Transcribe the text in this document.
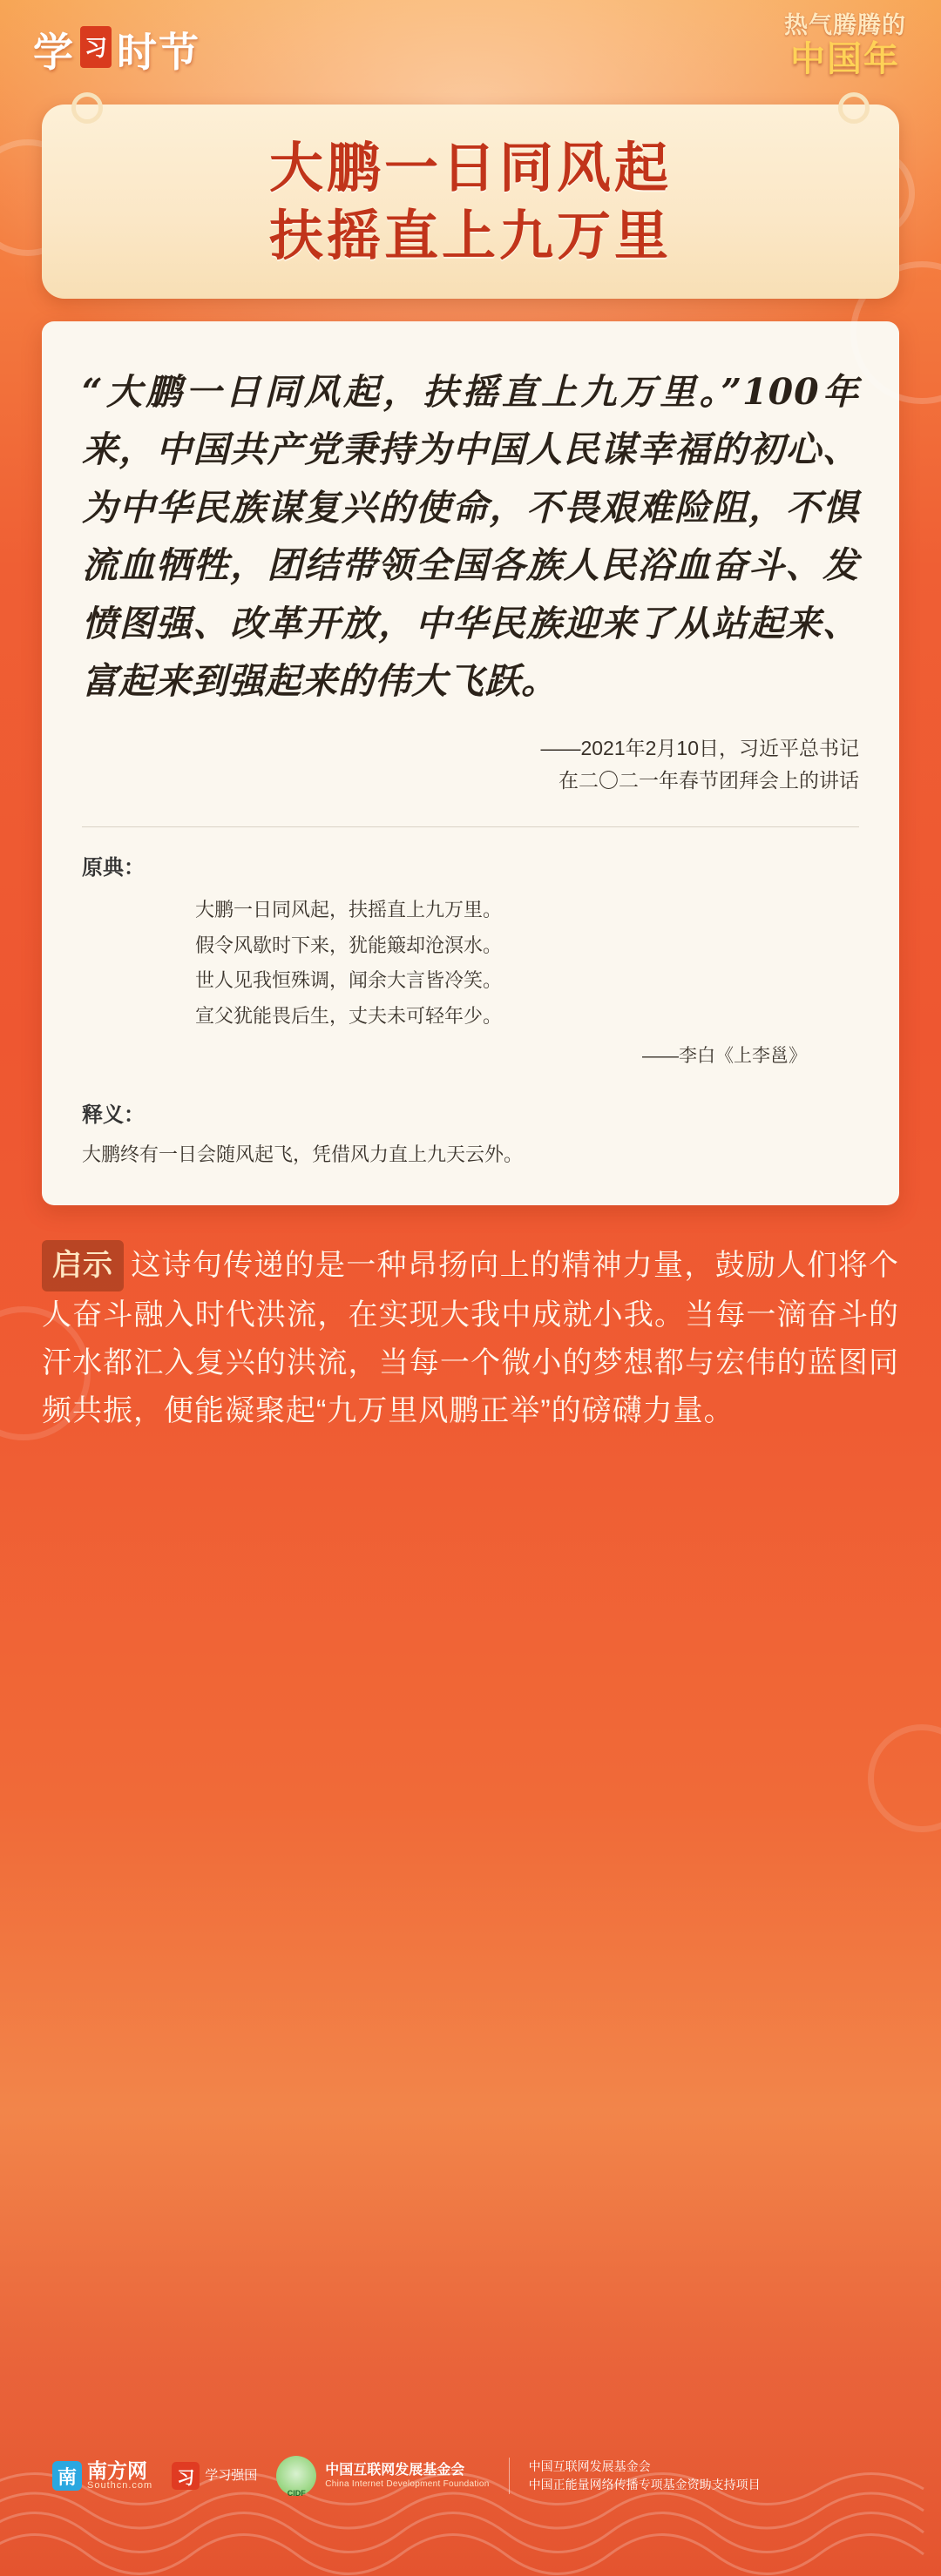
学 习 时节
热气腾腾的
中国年
大鹏一日同风起
扶摇直上九万里
“大鹏一日同风起，扶摇直上九万里。”100年来，中国共产党秉持为中国人民谋幸福的初心、为中华民族谋复兴的使命，不畏艰难险阻，不惧流血牺牲，团结带领全国各族人民浴血奋斗、发愤图强、改革开放，中华民族迎来了从站起来、富起来到强起来的伟大飞跃。
——2021年2月10日，习近平总书记
在二〇二一年春节团拜会上的讲话
原典：
大鹏一日同风起，扶摇直上九万里。
假令风歇时下来，犹能簸却沧溟水。
世人见我恒殊调，闻余大言皆冷笑。
宣父犹能畏后生，丈夫未可轻年少。
——李白《上李邕》
释义：
大鹏终有一日会随风起飞，凭借风力直上九天云外。
启示 这诗句传递的是一种昂扬向上的精神力量，鼓励人们将个人奋斗融入时代洪流，在实现大我中成就小我。当每一滴奋斗的汗水都汇入复兴的洪流，当每一个微小的梦想都与宏伟的蓝图同频共振，便能凝聚起“九万里风鹏正举”的磅礴力量。
南 南方网
Southcn.com	习 学习强国 CIDF	中国互联网发展基金会
China Internet Development Foundation
中国互联网发展基金会
中国正能量网络传播专项基金资助支持项目
